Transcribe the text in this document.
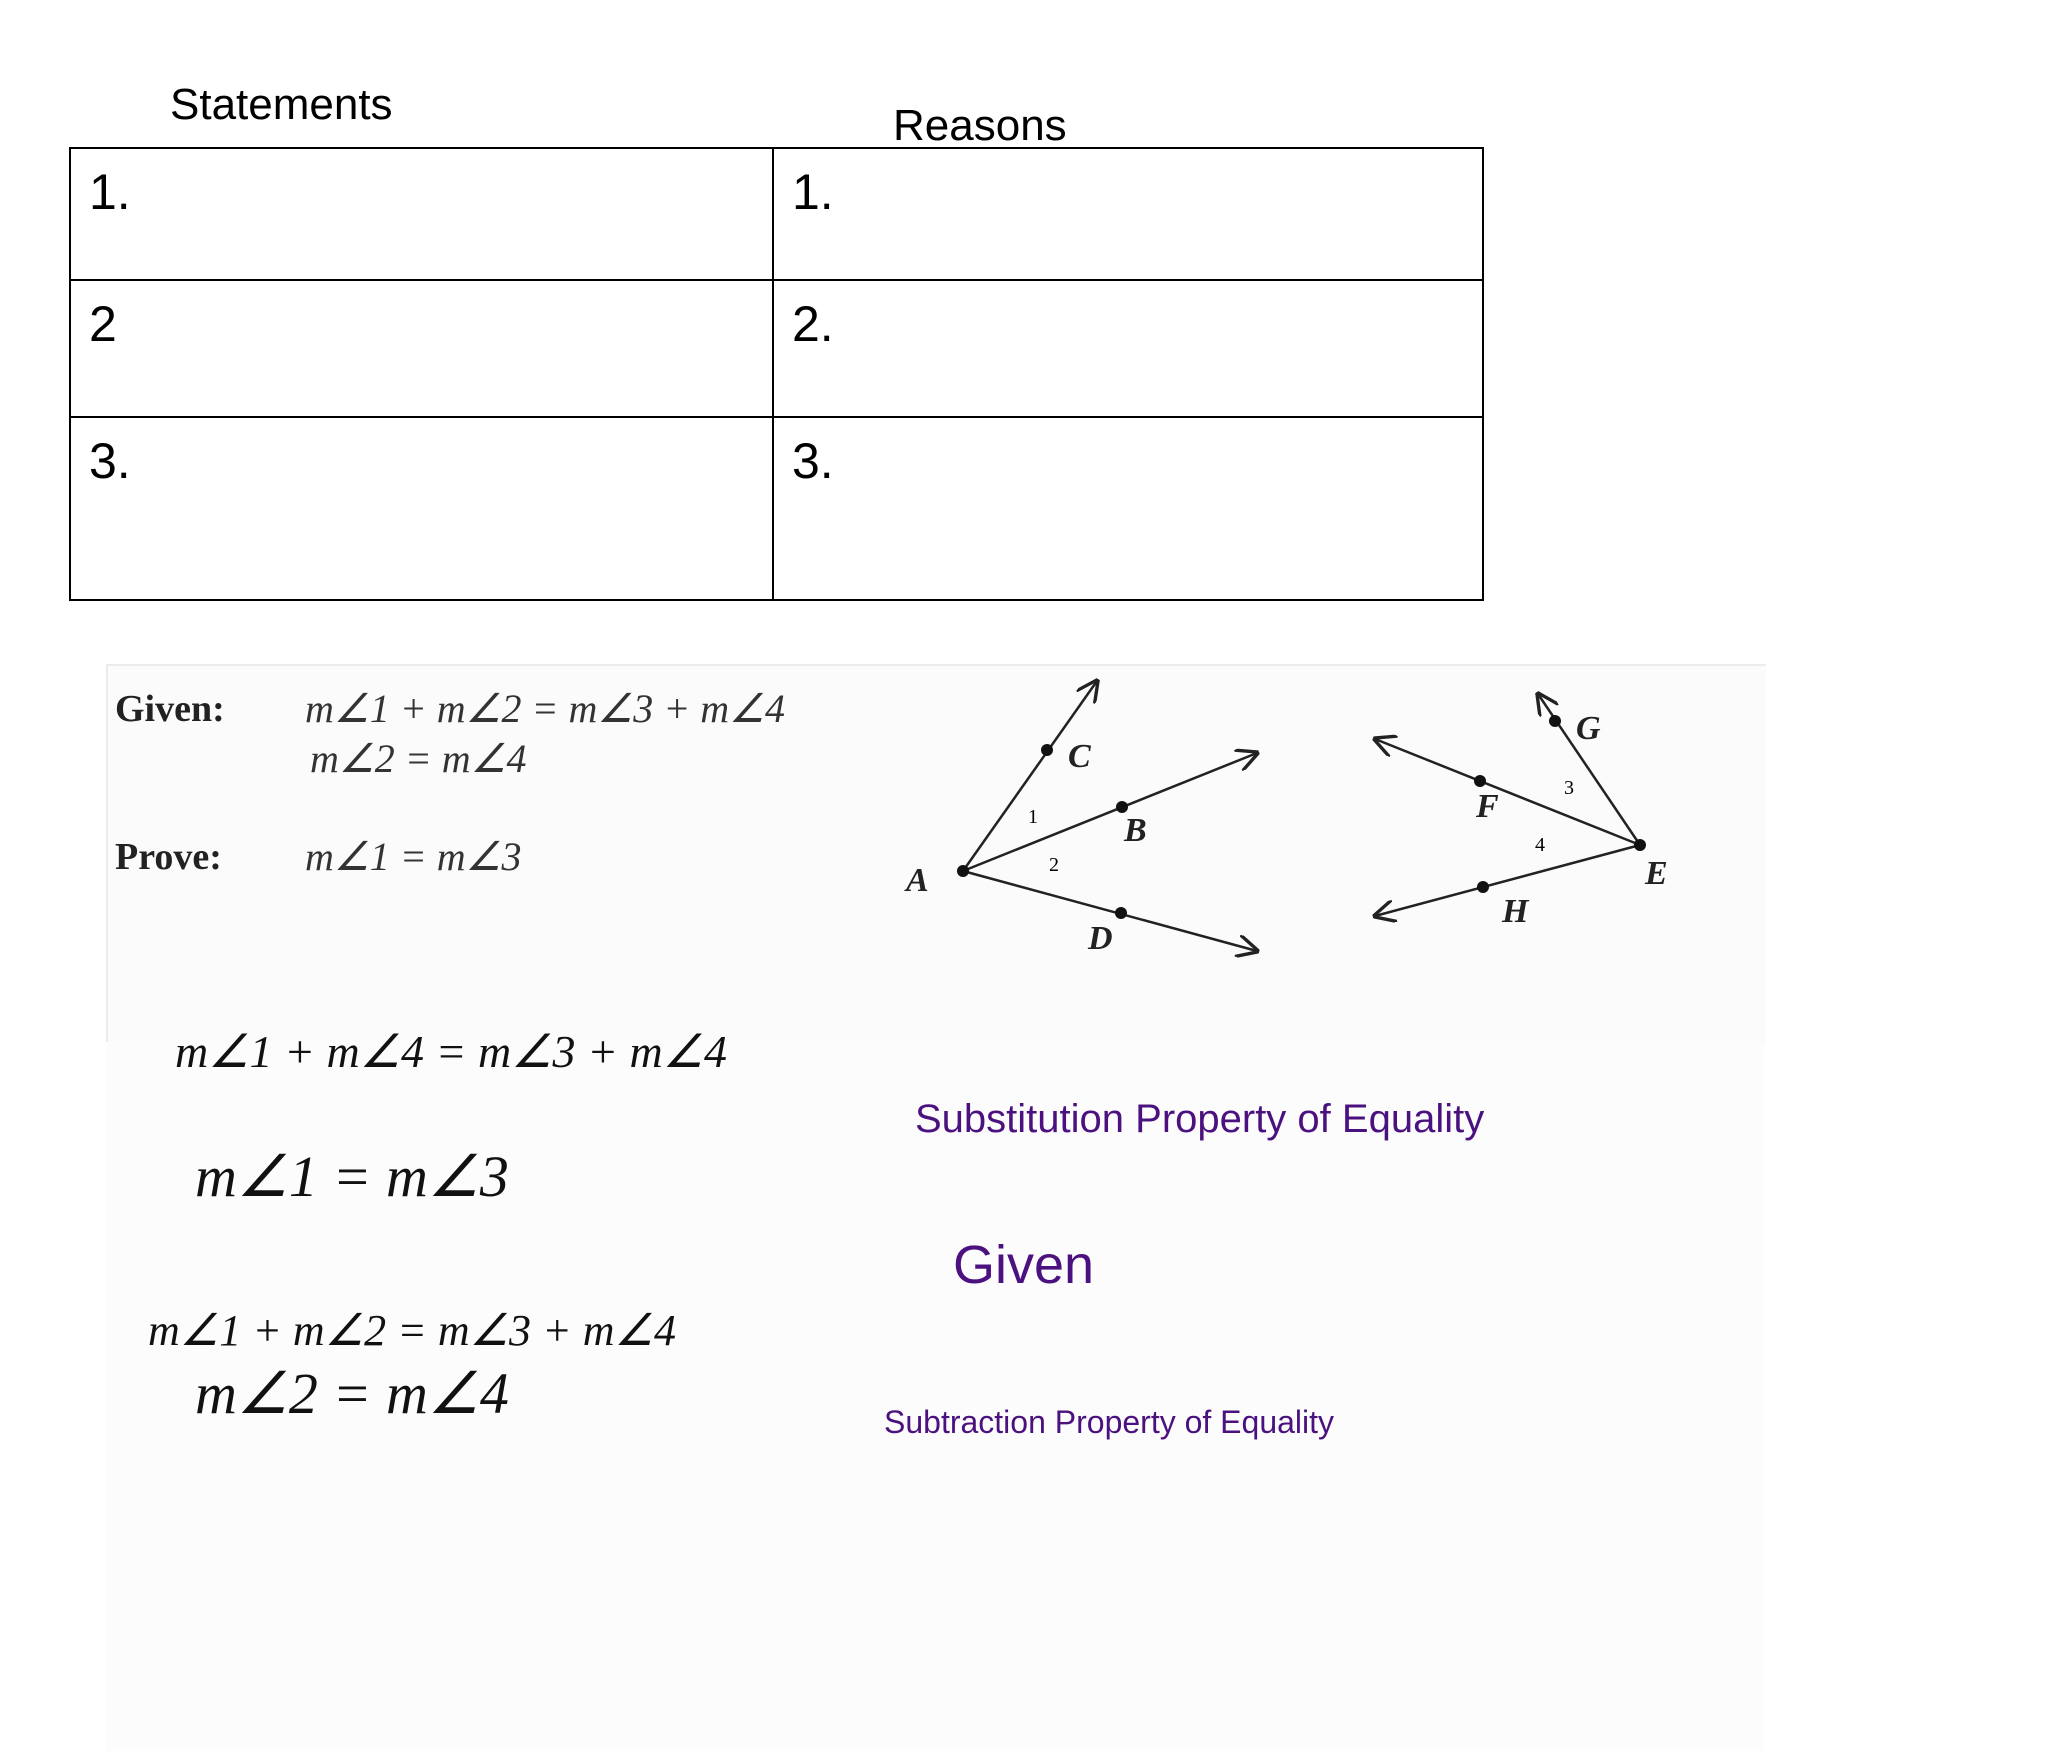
Statements	Reasons
1.	1.
2	2.
3.	3.
Given: m∠1 + m∠2 = m∠3 + m∠4
m∠2 = m∠4
Prove: m∠1 = m∠3
A
C
B
D
1
2	E
G
F
H
3
4
m∠1 + m∠4 = m∠3 + m∠4
m∠1 = m∠3
m∠1 + m∠2 = m∠3 + m∠4
m∠2 = m∠4
Substitution Property of Equality
Given
Subtraction Property of Equality
